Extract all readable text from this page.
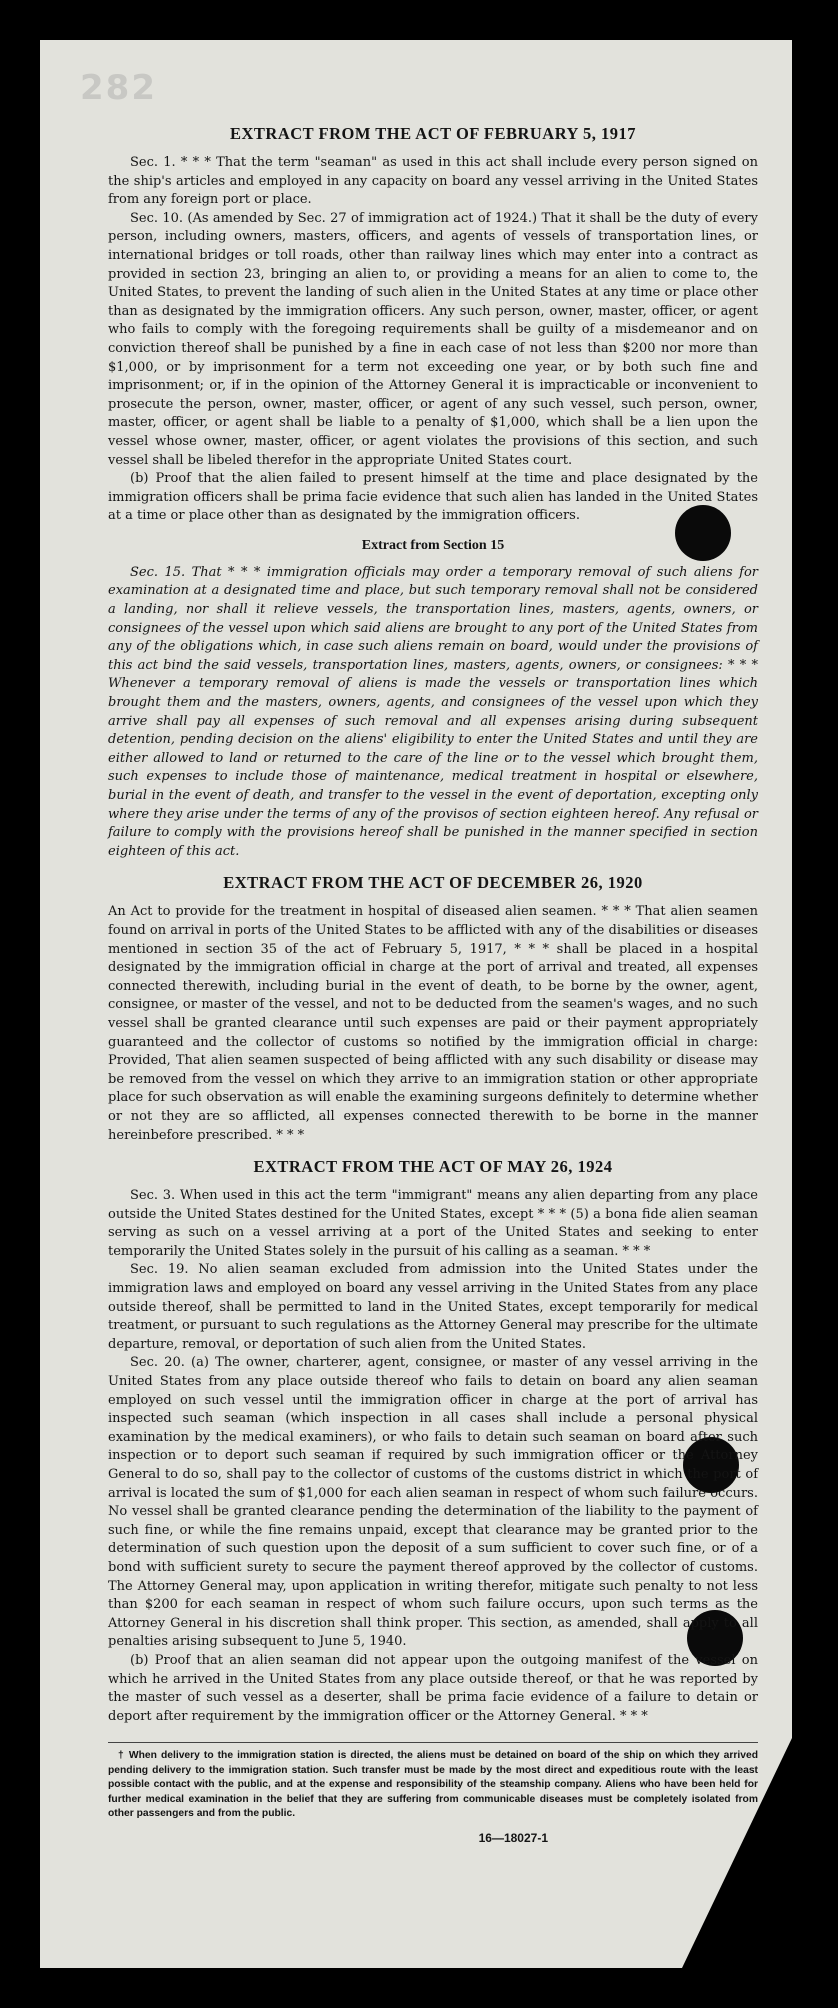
282
EXTRACT FROM THE ACT OF FEBRUARY 5, 1917

Sec. 1. * * * That the term "seaman" as used in this act shall include every person signed on the ship's articles and employed in any capacity on board any vessel arriving in the United States from any foreign port or place.

Sec. 10. (As amended by Sec. 27 of immigration act of 1924.) That it shall be the duty of every person, including owners, masters, officers, and agents of vessels of transportation lines, or international bridges or toll roads, other than railway lines which may enter into a contract as provided in section 23, bringing an alien to, or providing a means for an alien to come to, the United States, to prevent the landing of such alien in the United States at any time or place other than as designated by the immigration officers. Any such person, owner, master, officer, or agent who fails to comply with the foregoing requirements shall be guilty of a misdemeanor and on conviction thereof shall be punished by a fine in each case of not less than $200 nor more than $1,000, or by imprisonment for a term not exceeding one year, or by both such fine and imprisonment; or, if in the opinion of the Attorney General it is impracticable or inconvenient to prosecute the person, owner, master, officer, or agent of any such vessel, such person, owner, master, officer, or agent shall be liable to a penalty of $1,000, which shall be a lien upon the vessel whose owner, master, officer, or agent violates the provisions of this section, and such vessel shall be libeled therefor in the appropriate United States court.

(b) Proof that the alien failed to present himself at the time and place designated by the immigration officers shall be prima facie evidence that such alien has landed in the United States at a time or place other than as designated by the immigration officers.

Extract from Section 15

Sec. 15. That * * * immigration officials may order a temporary removal of such aliens for examination at a designated time and place, but such temporary removal shall not be considered a landing, nor shall it relieve vessels, the transportation lines, masters, agents, owners, or consignees of the vessel upon which said aliens are brought to any port of the United States from any of the obligations which, in case such aliens remain on board, would under the provisions of this act bind the said vessels, transportation lines, masters, agents, owners, or consignees: * * * Whenever a temporary removal of aliens is made the vessels or transportation lines which brought them and the masters, owners, agents, and consignees of the vessel upon which they arrive shall pay all expenses of such removal and all expenses arising during subsequent detention, pending decision on the aliens' eligibility to enter the United States and until they are either allowed to land or returned to the care of the line or to the vessel which brought them, such expenses to include those of maintenance, medical treatment in hospital or elsewhere, burial in the event of death, and transfer to the vessel in the event of deportation, excepting only where they arise under the terms of any of the provisos of section eighteen hereof. Any refusal or failure to comply with the provisions hereof shall be punished in the manner specified in section eighteen of this act.

EXTRACT FROM THE ACT OF DECEMBER 26, 1920

An Act to provide for the treatment in hospital of diseased alien seamen. * * * That alien seamen found on arrival in ports of the United States to be afflicted with any of the disabilities or diseases mentioned in section 35 of the act of February 5, 1917, * * * shall be placed in a hospital designated by the immigration official in charge at the port of arrival and treated, all expenses connected therewith, including burial in the event of death, to be borne by the owner, agent, consignee, or master of the vessel, and not to be deducted from the seamen's wages, and no such vessel shall be granted clearance until such expenses are paid or their payment appropriately guaranteed and the collector of customs so notified by the immigration official in charge: Provided, That alien seamen suspected of being afflicted with any such disability or disease may be removed from the vessel on which they arrive to an immigration station or other appropriate place for such observation as will enable the examining surgeons definitely to determine whether or not they are so afflicted, all expenses connected therewith to be borne in the manner hereinbefore prescribed. * * *

EXTRACT FROM THE ACT OF MAY 26, 1924

Sec. 3. When used in this act the term "immigrant" means any alien departing from any place outside the United States destined for the United States, except * * * (5) a bona fide alien seaman serving as such on a vessel arriving at a port of the United States and seeking to enter temporarily the United States solely in the pursuit of his calling as a seaman. * * *

Sec. 19. No alien seaman excluded from admission into the United States under the immigration laws and employed on board any vessel arriving in the United States from any place outside thereof, shall be permitted to land in the United States, except temporarily for medical treatment, or pursuant to such regulations as the Attorney General may prescribe for the ultimate departure, removal, or deportation of such alien from the United States.

Sec. 20. (a) The owner, charterer, agent, consignee, or master of any vessel arriving in the United States from any place outside thereof who fails to detain on board any alien seaman employed on such vessel until the immigration officer in charge at the port of arrival has inspected such seaman (which inspection in all cases shall include a personal physical examination by the medical examiners), or who fails to detain such seaman on board after such inspection or to deport such seaman if required by such immigration officer or the Attorney General to do so, shall pay to the collector of customs of the customs district in which the port of arrival is located the sum of $1,000 for each alien seaman in respect of whom such failure occurs. No vessel shall be granted clearance pending the determination of the liability to the payment of such fine, or while the fine remains unpaid, except that clearance may be granted prior to the determination of such question upon the deposit of a sum sufficient to cover such fine, or of a bond with sufficient surety to secure the payment thereof approved by the collector of customs. The Attorney General may, upon application in writing therefor, mitigate such penalty to not less than $200 for each seaman in respect of whom such failure occurs, upon such terms as the Attorney General in his discretion shall think proper. This section, as amended, shall apply to all penalties arising subsequent to June 5, 1940.

(b) Proof that an alien seaman did not appear upon the outgoing manifest of the vessel on which he arrived in the United States from any place outside thereof, or that he was reported by the master of such vessel as a deserter, shall be prima facie evidence of a failure to detain or deport after requirement by the immigration officer or the Attorney General. * * *

† When delivery to the immigration station is directed, the aliens must be detained on board of the ship on which they arrived pending delivery to the immigration station. Such transfer must be made by the most direct and expeditious route with the least possible contact with the public, and at the expense and responsibility of the steamship company. Aliens who have been held for further medical examination in the belief that they are suffering from communicable diseases must be completely isolated from other passengers and from the public.

16—18027-1
